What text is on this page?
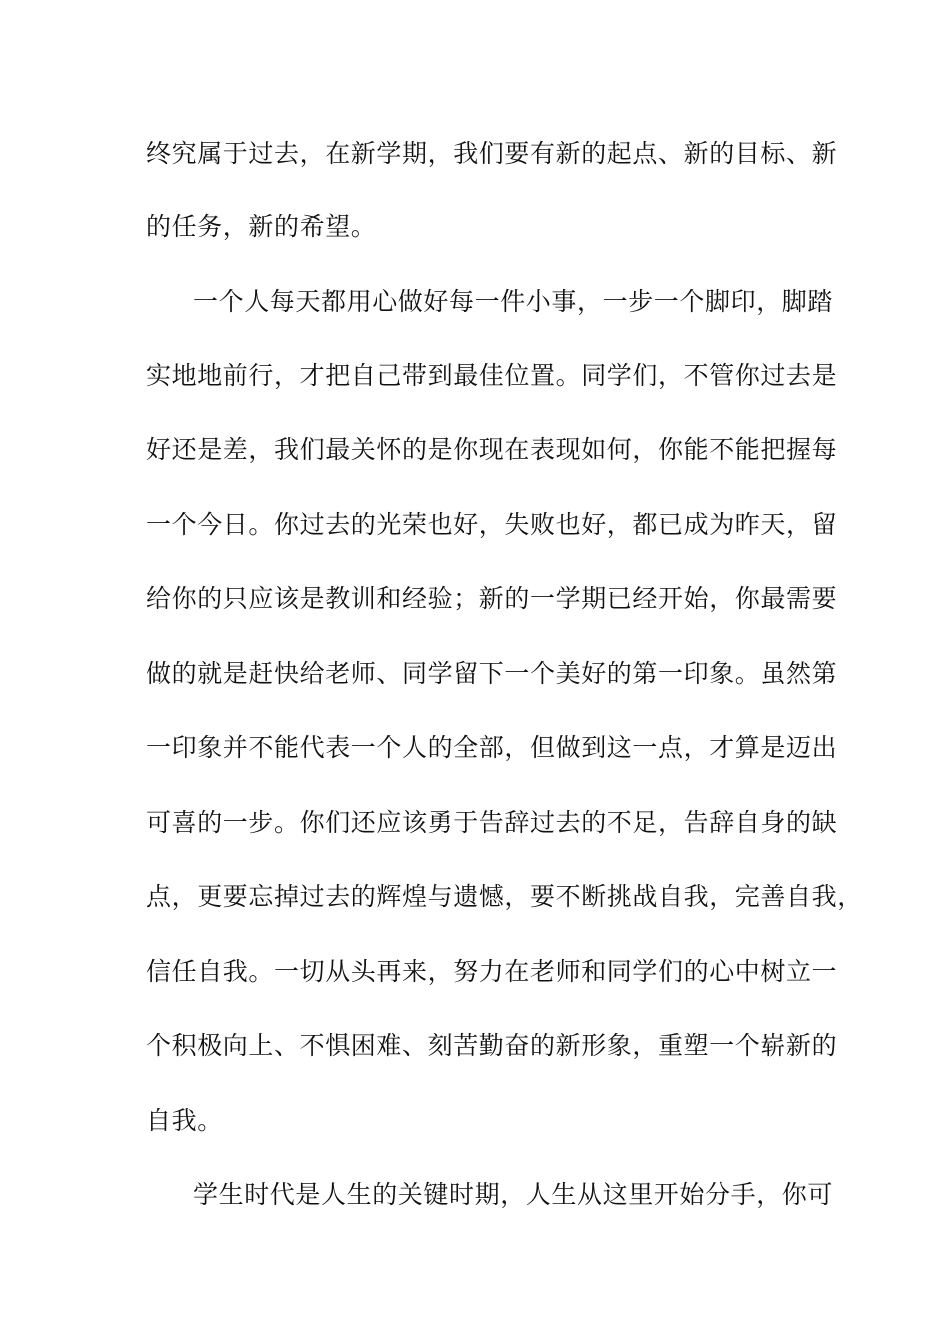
终究属于过去，在新学期，我们要有新的起点、新的目标、新
的任务，新的希望。
一个人每天都用心做好每一件小事，一步一个脚印，脚踏
实地地前行，才把自己带到最佳位置。同学们，不管你过去是
好还是差，我们最关怀的是你现在表现如何，你能不能把握每
一个今日。你过去的光荣也好，失败也好，都已成为昨天，留
给你的只应该是教训和经验；新的一学期已经开始，你最需要
做的就是赶快给老师、同学留下一个美好的第一印象。虽然第
一印象并不能代表一个人的全部，但做到这一点，才算是迈出
可喜的一步。你们还应该勇于告辞过去的不足，告辞自身的缺
点，更要忘掉过去的辉煌与遗憾，要不断挑战自我，完善自我，
信任自我。一切从头再来，努力在老师和同学们的心中树立一
个积极向上、不惧困难、刻苦勤奋的新形象，重塑一个崭新的
自我。
学生时代是人生的关键时期，人生从这里开始分手，你可
